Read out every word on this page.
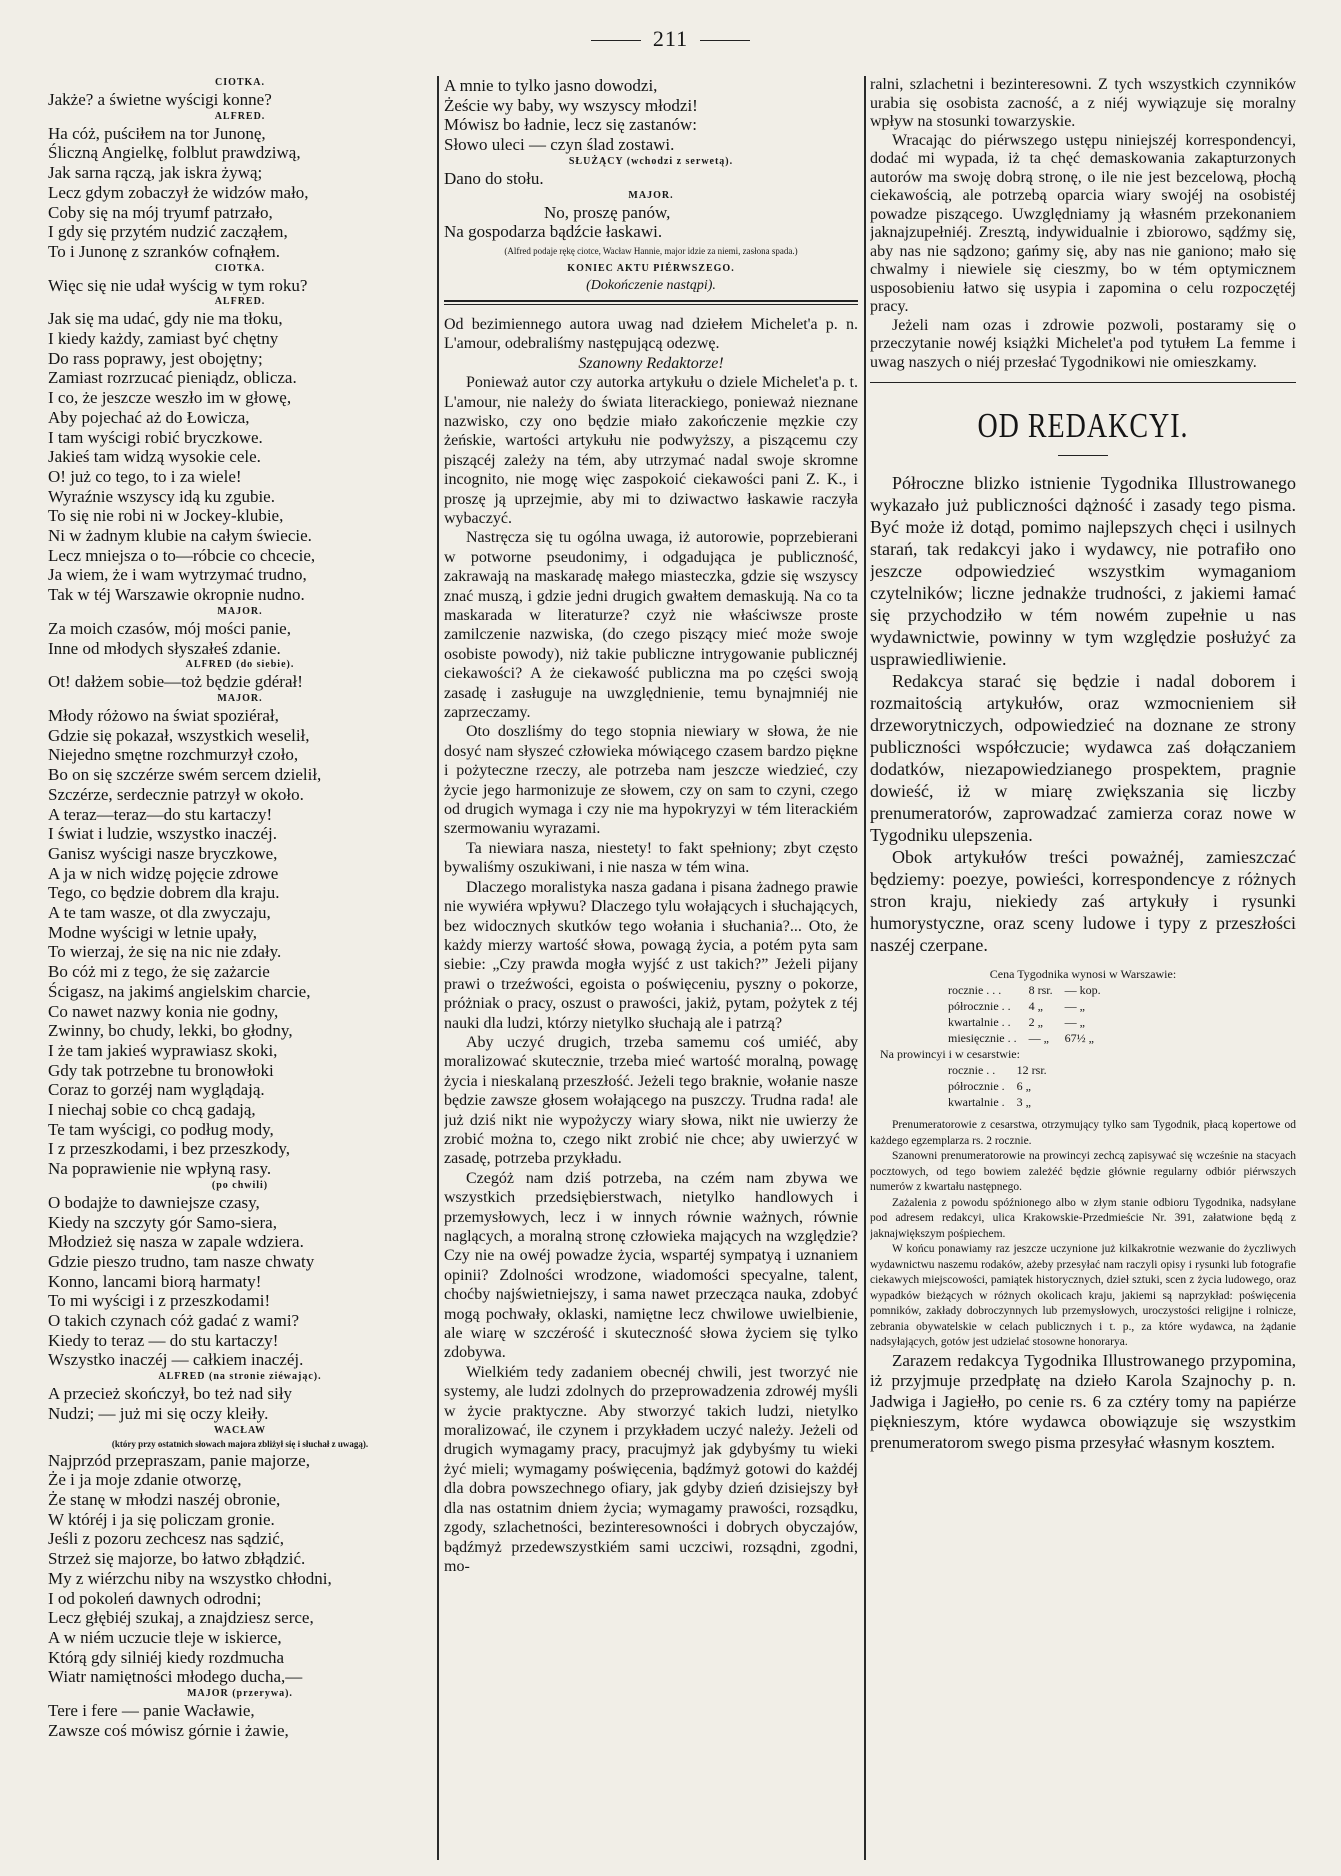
211

CIOTKA.

Jakże? a świetne wyścigi konne?

ALFRED.

Ha cóż, puściłem na tor Junonę,

Śliczną Angielkę, folblut prawdziwą,

Jak sarna rączą, jak iskra żywą;

Lecz gdym zobaczył że widzów mało,

Coby się na mój tryumf patrzało,

I gdy się przytém nudzić zacząłem,

To i Junonę z szranków cofnąłem.

CIOTKA.

Więc się nie udał wyścig w tym roku?

ALFRED.

Jak się ma udać, gdy nie ma tłoku,

I kiedy każdy, zamiast być chętny

Do rass poprawy, jest obojętny;

Zamiast rozrzucać pieniądz, oblicza.

I co, że jeszcze weszło im w głowę,

Aby pojechać aż do Łowicza,

I tam wyścigi robić bryczkowe.

Jakieś tam widzą wysokie cele.

O! już co tego, to i za wiele!

Wyraźnie wszyscy idą ku zgubie.

To się nie robi ni w Jockey-klubie,

Ni w żadnym klubie na całym świecie.

Lecz mniejsza o to—róbcie co chcecie,

Ja wiem, że i wam wytrzymać trudno,

Tak w téj Warszawie okropnie nudno.

MAJOR.

Za moich czasów, mój mości panie,

Inne od młodych słyszałeś zdanie.

ALFRED (do siebie).

Ot! dałżem sobie—toż będzie gdérał!

MAJOR.

Młody różowo na świat spoziérał,

Gdzie się pokazał, wszystkich weselił,

Niejedno smętne rozchmurzył czoło,

Bo on się szczérze swém sercem dzielił,

Szczérze, serdecznie patrzył w około.

A teraz—teraz—do stu kartaczy!

I świat i ludzie, wszystko inaczéj.

Ganisz wyścigi nasze bryczkowe,

A ja w nich widzę pojęcie zdrowe

Tego, co będzie dobrem dla kraju.

A te tam wasze, ot dla zwyczaju,

Modne wyścigi w letnie upały,

To wierzaj, że się na nic nie zdały.

Bo cóż mi z tego, że się zażarcie

Ścigasz, na jakimś angielskim charcie,

Co nawet nazwy konia nie godny,

Zwinny, bo chudy, lekki, bo głodny,

I że tam jakieś wyprawiasz skoki,

Gdy tak potrzebne tu bronowłoki

Coraz to gorzéj nam wyglądają.

I niechaj sobie co chcą gadają,

Te tam wyścigi, co podług mody,

I z przeszkodami, i bez przeszkody,

Na poprawienie nie wpłyną rasy.

(po chwili)

O bodajże to dawniejsze czasy,

Kiedy na szczyty gór Samo-siera,

Młodzież się naszа w zapale wdziera.

Gdzie pieszo trudno, tam nasze chwaty

Konno, lancami biorą harmaty!

To mi wyścigi i z przeszkodami!

O takich czynach cóż gadać z wami?

Kiedy to teraz — do stu kartaczy!

Wszystko inaczéj — całkiem inaczéj.

ALFRED (na stronie ziéwając).

A przecież skończył, bo też nad siły

Nudzi; — już mi się oczy kleiły.

WACŁAW

(który przy ostatnich słowach majora zbliżył się i słuchał z uwagą).

Najprzód przepraszam, panie majorze,

Że i ja moje zdanie otworzę,

Że stanę w młodzi naszéj obronie,

W któréj i ja się policzam gronie.

Jeśli z pozoru zechcesz nas sądzić,

Strzeż się majorze, bo łatwo zbłądzić.

My z wiérzchu niby na wszystko chłodni,

I od pokoleń dawnych odrodni;

Lecz głębiéj szukaj, a znajdziesz serce,

A w niém uczucie tleje w iskierce,

Którą gdy silniéj kiedy rozdmucha

Wiatr namiętności młodego ducha,—

MAJOR (przerywa).

Tere i fere — panie Wacławie,

Zawsze coś mówisz górnie i żawie,

A mnie to tylko jasno dowodzi,

Żeście wy baby, wy wszyscy młodzi!

Mówisz bo ładnie, lecz się zastanów:

Słowo uleci — czyn ślad zostawi.

SŁUŻĄCY (wchodzi z serwetą).

Dano do stołu.

MAJOR.

No, proszę panów,

Na gospodarza bądźcie łaskawi.

(Alfred podaje rękę ciotce, Wacław Hannie, major idzie za niemi, zasłona spada.)

KONIEC AKTU PIÉRWSZEGO.

(Dokończenie nastąpi).

Od bezimiennego autora uwag nad dziełem Michelet'a p. n. L'amour, odebraliśmy następującą odezwę.

Szanowny Redaktorze!

Ponieważ autor czy autorka artykułu o dziele Michelet'a p. t. L'amour, nie należy do świata literackiego, ponieważ nieznane nazwisko, czy ono będzie miało zakończenie męzkie czy żeńskie, wartości artykułu nie podwyższy, a piszącemu czy piszącéj zależy na tém, aby utrzymać nadal swoje skromne incognito, nie mogę więc zaspokoić ciekawości pani Z. K., i proszę ją uprzejmie, aby mi to dziwactwo łaskawie raczyła wybaczyć.

Nastręcza się tu ogólna uwaga, iż autorowie, poprzebierani w potworne pseudonimy, i odgadująca je publiczność, zakrawają na maskaradę małego miasteczka, gdzie się wszyscy znać muszą, i gdzie jedni drugich gwałtem demaskują. Na co ta maskarada w literaturze? czyż nie właściwsze proste zamilczenie nazwiska, (do czego piszący mieć może swoje osobiste powody), niż takie publiczne intrygowanie publicznéj ciekawości? A że ciekawość publiczna ma po części swoją zasadę i zasługuje na uwzględnienie, temu bynajmniéj nie zaprzeczamy.

Oto doszliśmy do tego stopnia niewiary w słowa, że nie dosyć nam słyszeć człowieka mówiącego czasem bardzo piękne i pożyteczne rzeczy, ale potrzeba nam jeszcze wiedzieć, czy życie jego harmonizuje ze słowem, czy on sam to czyni, czego od drugich wymaga i czy nie ma hypokryzyi w tém literackiém szermowaniu wyrazami.

Ta niewiara nasza, niestety! to fakt spełniony; zbyt często bywaliśmy oszukiwani, i nie nasza w tém wina.

Dlaczego moralistyka nasza gadana i pisana żadnego prawie nie wywiéra wpływu? Dlaczego tylu wołających i słuchających, bez widocznych skutków tego wołania i słuchania?... Oto, że każdy mierzy wartość słowa, powagą życia, a potém pyta sam siebie: „Czy prawda mogła wyjść z ust takich?” Jeżeli pijany prawi o trzeźwości, egoista o poświęceniu, pyszny o pokorze, próżniak o pracy, oszust o prawości, jakiż, pytam, pożytek z téj nauki dla ludzi, którzy nietylko słuchają ale i patrzą?

Aby uczyć drugich, trzeba samemu coś umiéć, aby moralizować skutecznie, trzeba mieć wartość moralną, powagę życia i nieskalaną przeszłość. Jeżeli tego braknie, wołanie nasze będzie zawsze głosem wołającego na puszczy. Trudna rada! ale już dziś nikt nie wypożyczy wiary słowa, nikt nie uwierzy że zrobić można to, czego nikt zrobić nie chce; aby uwierzyć w zasadę, potrzeba przykładu.

Czegóż nam dziś potrzeba, na czém nam zbywa we wszystkich przedsiębierstwach, nietylko handlowych i przemysłowych, lecz i w innych równie ważnych, równie naglących, a moralną stronę człowieka mających na względzie? Czy nie na owéj powadze życia, wspartéj sympatyą i uznaniem opinii? Zdolności wrodzone, wiadomości specyalne, talent, choćby najświetniejszy, i sama nawet przecząca nauka, zdobyć mogą pochwały, oklaski, namiętne lecz chwilowe uwielbienie, ale wiarę w szczérość i skuteczność słowa życiem się tylko zdobywa.

Wielkiém tedy zadaniem obecnéj chwili, jest tworzyć nie systemy, ale ludzi zdolnych do przeprowadzenia zdrowéj myśli w życie praktyczne. Aby stworzyć takich ludzi, nietylko moralizować, ile czynem i przykładem uczyć należy. Jeżeli od drugich wymagamy pracy, pracujmyż jak gdybyśmy tu wieki żyć mieli; wymagamy poświęcenia, bądźmyż gotowi do każdéj dla dobra powszechnego ofiary, jak gdyby dzień dzisiejszy był dla nas ostatnim dniem życia; wymagamy prawości, rozsądku, zgody, szlachetności, bezinteresowności i dobrych obyczajów, bądźmyż przedewszystkiém sami uczciwi, rozsądni, zgodni, mo-

ralni, szlachetni i bezinteresowni. Z tych wszystkich czynników urabia się osobista zacność, a z niéj wywiązuje się moralny wpływ na stosunki towarzyskie.

Wracając do piérwszego ustępu niniejszéj korrespondencyi, dodać mi wypada, iż ta chęć demaskowania zakapturzonych autorów ma swoję dobrą stronę, o ile nie jest bezcelową, płochą ciekawością, ale potrzebą oparcia wiary swojéj na osobistéj powadze piszącego. Uwzględniamy ją własném przekonaniem jaknajzupełniéj. Zresztą, indywidualnie i zbiorowo, sądźmy się, aby nas nie sądzono; gańmy się, aby nas nie ganiono; mało się chwalmy i niewiele się cieszmy, bo w tém optymicznem usposobieniu łatwo się usypia i zapomina o celu rozpoczętéj pracy.

Jeżeli nam ozas i zdrowie pozwoli, postaramy się o przeczytanie nowéj książki Michelet'a pod tytułem La femme i uwag naszych o niéj przesłać Tygodnikowi nie omieszkamy.

OD REDAKCYI.

Półroczne blizko istnienie Tygodnika Illustrowanego wykazało już publiczności dążność i zasady tego pisma. Być może iż dotąd, pomimo najlepszych chęci i usilnych starań, tak redakcyi jako i wydawcy, nie potrafiło ono jeszcze odpowiedzieć wszystkim wymaganiom czytelników; liczne jednakże trudności, z jakiemi łamać się przychodziło w tém nowém zupełnie u nas wydawnictwie, powinny w tym względzie posłużyć za usprawiedliwienie.

Redakcya starać się będzie i nadal doborem i rozmaitością artykułów, oraz wzmocnieniem sił drzeworytniczych, odpowiedzieć na doznane ze strony publiczności współczucie; wydawca zaś dołączaniem dodatków, niezapowiedzianego prospektem, pragnie dowieść, iż w miarę zwiększania się liczby prenumeratorów, zaprowadzać zamierza coraz nowe w Tygodniku ulepszenia.

Obok artykułów treści poważnéj, zamieszczać będziemy: poezye, powieści, korrespondencye z różnych stron kraju, niekiedy zaś artykuły i rysunki humorystyczne, oraz sceny ludowe i typy z przeszłości naszéj czerpane.

Cena Tygodnika wynosi w Warszawie:
rocznie . . .	8 rsr.	— kop.
półrocznie . .	4 „	— „
kwartalnie . .	2 „	— „
miesięcznie . .	— „	67½ „
Na prowincyi i w cesarstwie:
rocznie . .	12 rsr.
półrocznie .	6 „
kwartalnie .	3 „

Prenumeratorowie z cesarstwa, otrzymujący tylko sam Tygodnik, płacą kopertowe od każdego egzemplarza rs. 2 rocznie.

Szanowni prenumeratorowie na prowincyi zechcą zapisywać się wcześnie na stacyach pocztowych, od tego bowiem zależéć będzie głównie regularny odbiór piérwszych numerów z kwartału następnego.

Zażalenia z powodu spóźnionego albo w złym stanie odbioru Tygodnika, nadsyłane pod adresem redakcyi, ulica Krakowskie-Przedmieście Nr. 391, załatwione będą z jaknajwiększym pośpiechem.

W końcu ponawiamy raz jeszcze uczynione już kilkakrotnie wezwanie do życzliwych wydawnictwu naszemu rodaków, ażeby przesyłać nam raczyli opisy i rysunki lub fotografie ciekawych miejscowości, pamiątek historycznych, dzieł sztuki, scen z życia ludowego, oraz wypadków bieżących w różnych okolicach kraju, jakiemi są naprzykład: poświęcenia pomników, zakłady dobroczynnych lub przemysłowych, uroczystości religijne i rolnicze, zebrania obywatelskie w celach publicznych i t. p., za które wydawca, na żądanie nadsyłających, gotów jest udzielać stosowne honoraryа.

Zarazem redakcya Tygodnika Illustrowanego przypomina, iż przyjmuje przedpłatę na dzieło Karola Szajnochy p. n. Jadwiga i Jagiełło, po cenie rs. 6 za cztéry tomy na papiérze pięknieszym, które wydawca obowiązuje się wszystkim prenumeratorom swego pisma przesyłać własnym kosztem.
